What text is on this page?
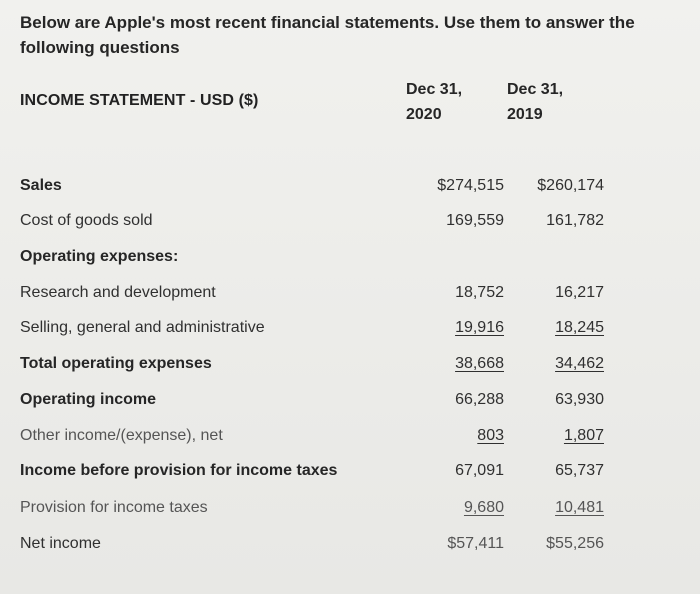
Below are Apple's most recent financial statements. Use them to answer the following questions
INCOME STATEMENT - USD ($)
Dec 31,
2020
Dec 31,
2019
Sales	$274,515 $260,174
Cost of goods sold	169,559	161,782
Operating expenses:
Research and development	18,752	16,217
Selling, general and administrative	19,916	18,245
Total operating expenses	38,668	34,462
Operating income	66,288	63,930
Other income/(expense), net	803	1,807
Income before provision for income taxes	67,091	65,737
Provision for income taxes	9,680	10,481
Net income	$57,411	$55,256
